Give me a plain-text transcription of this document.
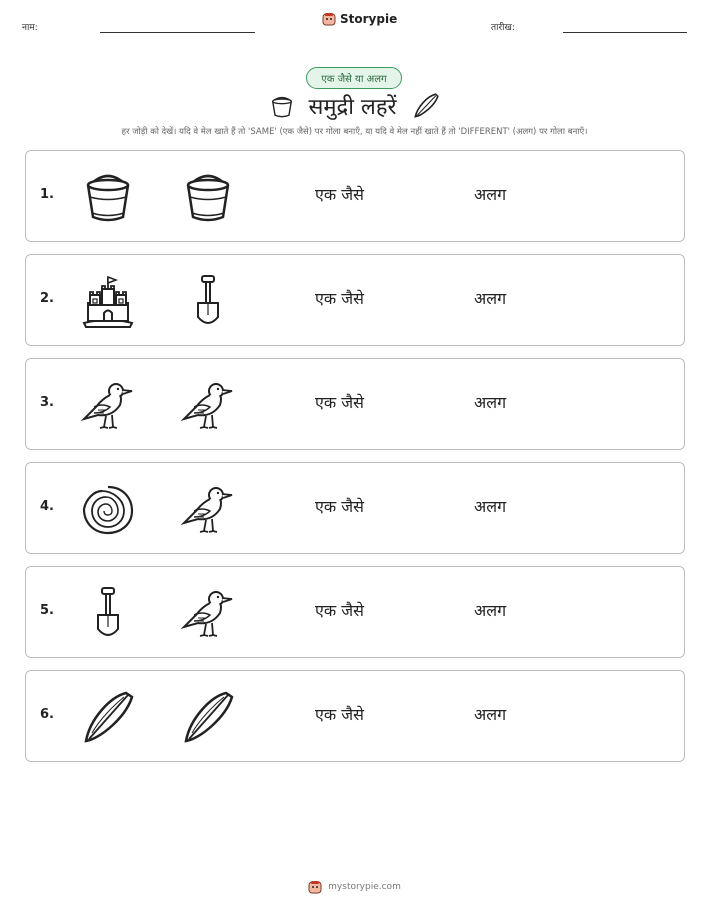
नाम:
Storypie
तारीख:
एक जैसे या अलग
समुद्री लहरें
हर जोड़ी को देखें। यदि वे मेल खाते हैं तो 'SAME' (एक जैसे) पर गोला बनाएँ, या यदि वे मेल नहीं खाते हैं तो 'DIFFERENT' (अलग) पर गोला बनाएँ।
1.	एक जैसे	अलग
2.	एक जैसे	अलग
3.	एक जैसे	अलग
4.	एक जैसे	अलग
5.	एक जैसे	अलग
6.	एक जैसे	अलग
mystorypie.com
